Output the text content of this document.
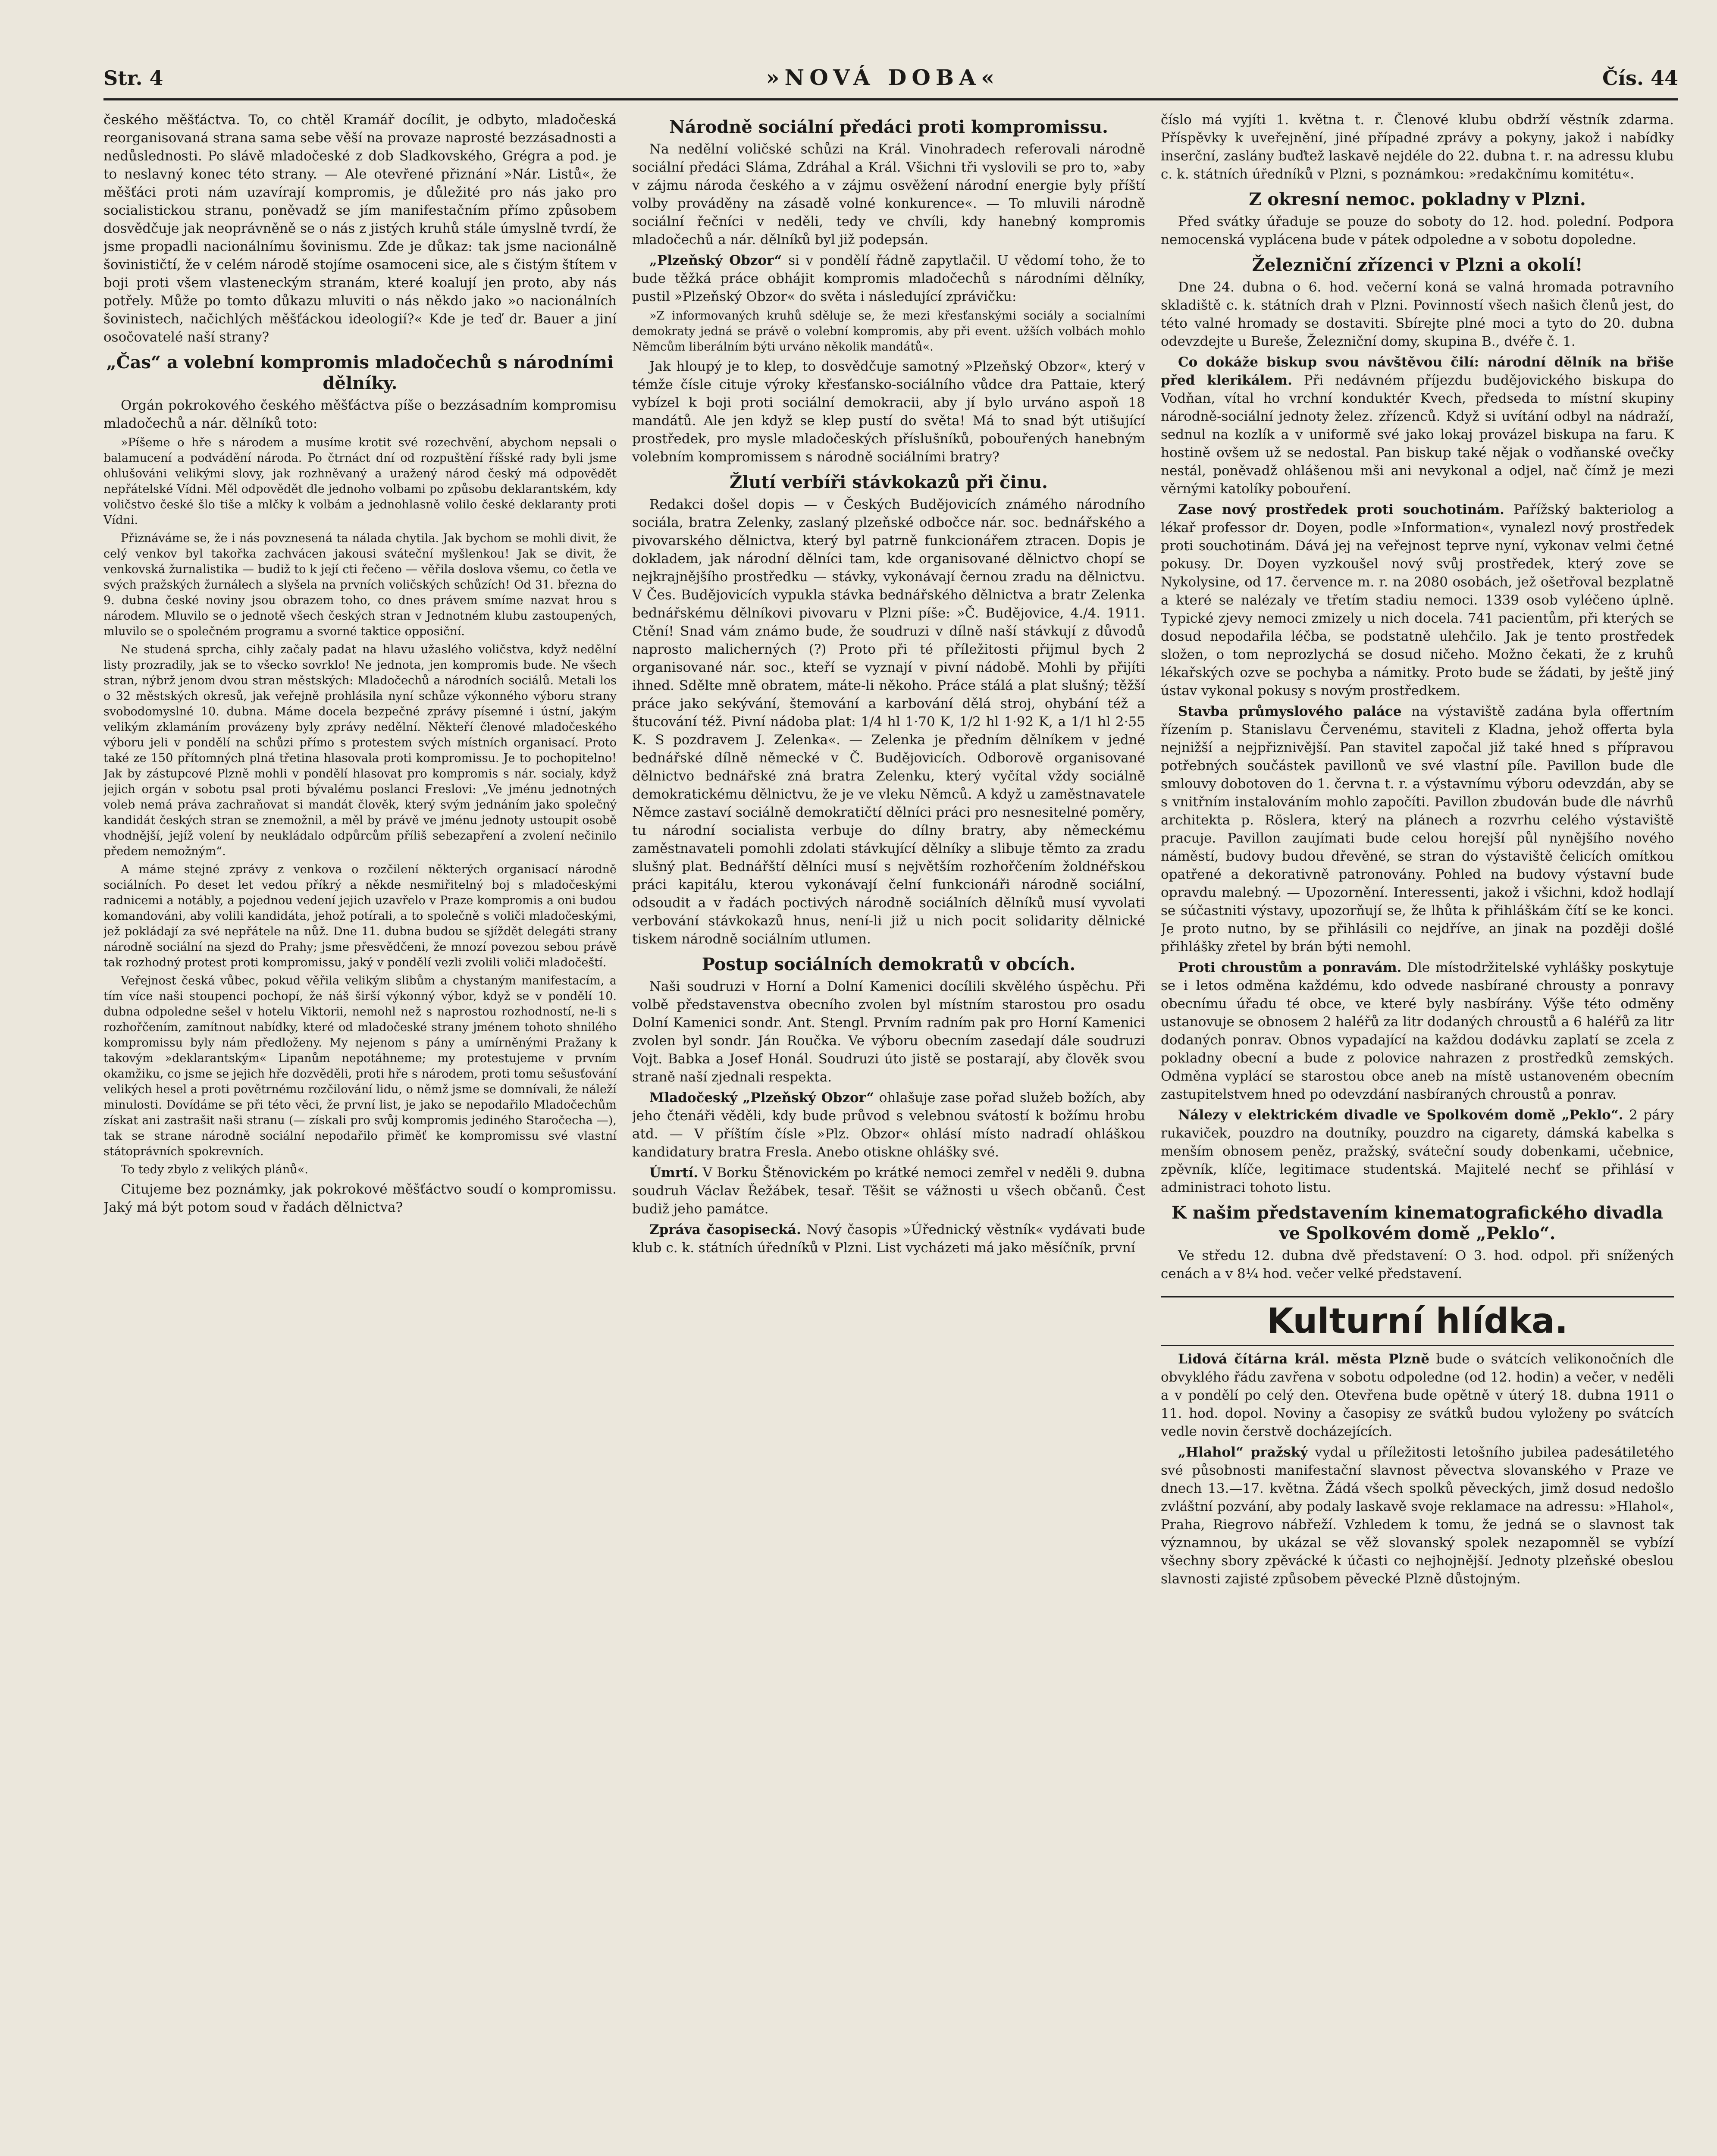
Str. 4	»NOVÁ DOBA«	Čís. 44

českého měšťáctva. To, co chtěl Kramář docílit, je odbyto, mladočeská reorganisovaná strana sama sebe věší na provaze naprosté bezzásadnosti a nedůslednosti. Po slávě mladočeské z dob Sladkovského, Grégra a pod. je to neslavný konec této strany. — Ale otevřené přiznání »Nár. Listů«, že měšťáci proti nám uzavírají kompromis, je důležité pro nás jako pro socialistickou stranu, poněvadž se jím manifestačním přímo způsobem dosvědčuje jak neoprávněně se o nás z jistých kruhů stále úmyslně tvrdí, že jsme propadli nacionálnímu šovinismu. Zde je důkaz: tak jsme nacionálně šovinističtí, že v celém národě stojíme osamoceni sice, ale s čistým štítem v boji proti všem vlasteneckým stranám, které koalují jen proto, aby nás potřely. Může po tomto důkazu mluviti o nás někdo jako »o nacionálních šovinistech, načichlých měšťáckou ideologií?« Kde je teď dr. Bauer a jiní osočovatelé naší strany?

„Čas“ a volební kompromis mladočechů s národními dělníky.

Orgán pokrokového českého měšťáctva píše o bezzásadním kompromisu mladočechů a nár. dělníků toto:

»Píšeme o hře s národem a musíme krotit své rozechvění, abychom nepsali o balamucení a podvádění národa. Po čtrnáct dní od rozpuštění říšské rady byli jsme ohlušováni velikými slovy, jak rozhněvaný a uražený národ český má odpovědět nepřátelské Vídni. Měl odpovědět dle jednoho volbami po způsobu deklarantském, kdy voličstvo české šlo tiše a mlčky k volbám a jednohlasně volilo české deklaranty proti Vídni.

Přiznáváme se, že i nás povznesená ta nálada chytila. Jak bychom se mohli divit, že celý venkov byl takořka zachvácen jakousi sváteční myšlenkou! Jak se divit, že venkovská žurnalistika — budiž to k její cti řečeno — věřila doslova všemu, co četla ve svých pražských žurnálech a slyšela na prvních voličských schůzích! Od 31. března do 9. dubna české noviny jsou obrazem toho, co dnes právem smíme nazvat hrou s národem. Mluvilo se o jednotě všech českých stran v Jednotném klubu zastoupených, mluvilo se o společném programu a svorné taktice opposiční.

Ne studená sprcha, cihly začaly padat na hlavu užaslého voličstva, když nedělní listy prozradily, jak se to všecko sovrklo! Ne jednota, jen kompromis bude. Ne všech stran, nýbrž jenom dvou stran městských: Mladočechů a národních sociálů. Metali los o 32 městských okresů, jak veřejně prohlásila nyní schůze výkonného výboru strany svobodomyslné 10. dubna. Máme docela bezpečné zprávy písemné i ústní, jakým velikým zklamáním provázeny byly zprávy nedělní. Někteří členové mladočeského výboru jeli v pondělí na schůzi přímo s protestem svých místních organisací. Proto také ze 150 přítomných plná třetina hlasovala proti kompromissu. Je to pochopitelno! Jak by zástupcové Plzně mohli v pondělí hlasovat pro kompromis s nár. socialy, když jejich orgán v sobotu psal proti bývalému poslanci Freslovi: „Ve jménu jednotných voleb nemá práva zachraňovat si mandát člověk, který svým jednáním jako společný kandidát českých stran se znemožnil, a měl by právě ve jménu jednoty ustoupit osobě vhodnější, jejíž volení by neukládalo odpůrcům příliš sebezapření a zvolení nečinilo předem nemožným“.

A máme stejné zprávy z venkova o rozčilení některých organisací národně sociálních. Po deset let vedou příkrý a někde nesmiřitelný boj s mladočeskými radnicemi a notábly, a pojednou vedení jejich uzavřelo v Praze kompromis a oni budou komandováni, aby volili kandidáta, jehož potírali, a to společně s voliči mladočeskými, jež pokládají za své nepřátele na nůž. Dne 11. dubna budou se sjíždět delegáti strany národně sociální na sjezd do Prahy; jsme přesvědčeni, že mnozí povezou sebou právě tak rozhodný protest proti kompromissu, jaký v pondělí vezli zvolili voliči mladočeští.

Veřejnost česká vůbec, pokud věřila velikým slibům a chystaným manifestacím, a tím více naši stoupenci pochopí, že náš širší výkonný výbor, když se v pondělí 10. dubna odpoledne sešel v hotelu Viktorii, nemohl než s naprostou rozhodností, ne-li s rozhořčením, zamítnout nabídky, které od mladočeské strany jménem tohoto shnilého kompromissu byly nám předloženy. My nejenom s pány a umírněnými Pražany k takovým »deklarantským« Lipanům nepotáhneme; my protestujeme v prvním okamžiku, co jsme se jejich hře dozvěděli, proti hře s národem, proti tomu sešusťování velikých hesel a proti povětrnému rozčilování lidu, o němž jsme se domnívali, že náleží minulosti. Dovídáme se při této věci, že první list, je jako se nepodařilo Mladočechům získat ani zastrašit naši stranu (— získali pro svůj kompromis jediného Staročecha —), tak se strane národně sociální nepodařilo přiměť ke kompromissu své vlastní státoprávních spokrevních.

To tedy zbylo z velikých plánů«.

Citujeme bez poznámky, jak pokrokové měšťáctvo soudí o kompromissu. Jaký má být potom soud v řadách dělnictva?

Národně sociální předáci proti kompromissu.

Na nedělní voličské schůzi na Král. Vinohradech referovali národně sociální předáci Sláma, Zdráhal a Král. Všichni tři vyslovili se pro to, »aby v zájmu národa českého a v zájmu osvěžení národní energie byly příští volby prováděny na zásadě volné konkurence«. — To mluvili národně sociální řečníci v neděli, tedy ve chvíli, kdy hanebný kompromis mladočechů a nár. dělníků byl již podepsán.

„Plzeňský Obzor“ si v pondělí řádně zapytlačil. U vědomí toho, že to bude těžká práce obhájit kompromis mladočechů s národními dělníky, pustil »Plzeňský Obzor« do světa i následující zprávičku:

»Z informovaných kruhů sděluje se, že mezi křesťanskými sociály a socialními demokraty jedná se právě o volební kompromis, aby při event. užších volbách mohlo Němcům liberálním býti urváno několik mandátů«.

Jak hloupý je to klep, to dosvědčuje samotný »Plzeňský Obzor«, který v témže čísle cituje výroky křesťansko-sociálního vůdce dra Pattaie, který vybízel k boji proti sociální demokracii, aby jí bylo urváno aspoň 18 mandátů. Ale jen když se klep pustí do světa! Má to snad být utišující prostředek, pro mysle mladočeských příslušníků, pobouřených hanebným volebním kompromissem s národně sociálními bratry?

Žlutí verbíři stávkokazů při činu.

Redakci došel dopis — v Českých Budějovicích známého národního sociála, bratra Zelenky, zaslaný plzeňské odbočce nár. soc. bednářského a pivovarského dělnictva, který byl patrně funkcionářem ztracen. Dopis je dokladem, jak národní dělníci tam, kde organisované dělnictvo chopí se nejkrajnějšího prostředku — stávky, vykonávají černou zradu na dělnictvu. V Čes. Budějovicích vypukla stávka bednářského dělnictva a bratr Zelenka bednářskému dělníkovi pivovaru v Plzni píše: »Č. Budějovice, 4./4. 1911. Ctění! Snad vám známo bude, že soudruzi v dílně naší stávkují z důvodů naprosto malicherných (?) Proto při té příležitosti přijmul bych 2 organisované nár. soc., kteří se vyznají v pivní nádobě. Mohli by přijíti ihned. Sdělte mně obratem, máte-li někoho. Práce stálá a plat slušný; těžší práce jako sekývání, štemování a karbování dělá stroj, ohybání též a štucování též. Pivní nádoba plat: 1/4 hl 1·70 K, 1/2 hl 1·92 K, a 1/1 hl 2·55 K. S pozdravem J. Zelenka«. — Zelenka je předním dělníkem v jedné bednářské dílně německé v Č. Budějovicích. Odborově organisované dělnictvo bednářské zná bratra Zelenku, který vyčítal vždy sociálně demokratickému dělnictvu, že je ve vleku Němců. A když u zaměstnavatele Němce zastaví sociálně demokratičtí dělníci práci pro nesnesitelné poměry, tu národní socialista verbuje do dílny bratry, aby německému zaměstnavateli pomohli zdolati stávkující dělníky a slibuje těmto za zradu slušný plat. Bednářští dělníci musí s největším rozhořčením žoldnéřskou práci kapitálu, kterou vykonávají čelní funkcionáři národně sociální, odsoudit a v řadách poctivých národně sociálních dělníků musí vyvolati verbování stávkokazů hnus, není-li již u nich pocit solidarity dělnické tiskem národně sociálním utlumen.

Postup sociálních demokratů v obcích.

Naši soudruzi v Horní a Dolní Kamenici docílili skvělého úspěchu. Při volbě představenstva obecního zvolen byl místním starostou pro osadu Dolní Kamenici sondr. Ant. Stengl. Prvním radním pak pro Horní Kamenici zvolen byl sondr. Ján Roučka. Ve výboru obecním zasedají dále soudruzi Vojt. Babka a Josef Honál. Soudruzi úto jistě se postarají, aby člověk svou straně naší zjednali respekta.

Mladočeský „Plzeňský Obzor“ ohlašuje zase pořad služeb božích, aby jeho čtenáři věděli, kdy bude průvod s velebnou svátostí k božímu hrobu atd. — V příštím čísle »Plz. Obzor« ohlásí místo nadradí ohláškou kandidatury bratra Fresla. Anebo otiskne ohlášky své.

Úmrtí. V Borku Štěnovickém po krátké nemoci zemřel v neděli 9. dubna soudruh Václav Řežábek, tesař. Těšit se vážnosti u všech občanů. Čest budiž jeho památce.

Zpráva časopisecká. Nový časopis »Úřednický věstník« vydávati bude klub c. k. státních úředníků v Plzni. List vycházeti má jako měsíčník, první

číslo má vyjíti 1. května t. r. Členové klubu obdrží věstník zdarma. Příspěvky k uveřejnění, jiné případné zprávy a pokyny, jakož i nabídky inserční, zaslány buďtež laskavě nejdéle do 22. dubna t. r. na adressu klubu c. k. státních úředníků v Plzni, s poznámkou: »redakčnímu komitétu«.

Z okresní nemoc. pokladny v Plzni.

Před svátky úřaduje se pouze do soboty do 12. hod. polední. Podpora nemocenská vyplácena bude v pátek odpoledne a v sobotu dopoledne.

Železniční zřízenci v Plzni a okolí!

Dne 24. dubna o 6. hod. večerní koná se valná hromada potravního skladiště c. k. státních drah v Plzni. Povinností všech našich členů jest, do této valné hromady se dostaviti. Sbírejte plné moci a tyto do 20. dubna odevzdejte u Bureše, Železniční domy, skupina B., dvéře č. 1.

Co dokáže biskup svou návštěvou čilí: národní dělník na břiše před klerikálem. Při nedávném příjezdu budějovického biskupa do Vodňan, vítal ho vrchní konduktér Kvech, předseda to místní skupiny národně-sociální jednoty želez. zřízenců. Když si uvítání odbyl na nádraží, sednul na kozlík a v uniformě své jako lokaj provázel biskupa na faru. K hostině ovšem už se nedostal. Pan biskup také nějak o vodňanské ovečky nestál, poněvadž ohlášenou mši ani nevykonal a odjel, nač čímž je mezi věrnými katolíky pobouření.

Zase nový prostředek proti souchotinám. Pařížský bakteriolog a lékař professor dr. Doyen, podle »Information«, vynalezl nový prostředek proti souchotinám. Dává jej na veřejnost teprve nyní, vykonav velmi četné pokusy. Dr. Doyen vyzkoušel nový svůj prostředek, který zove se Nykolysine, od 17. července m. r. na 2080 osobách, jež ošetřoval bezplatně a které se nalézaly ve třetím stadiu nemoci. 1339 osob vyléčeno úplně. Typické zjevy nemoci zmizely u nich docela. 741 pacientům, při kterých se dosud nepodařila léčba, se podstatně ulehčilo. Jak je tento prostředek složen, o tom neprozlychá se dosud ničeho. Možno čekati, že z kruhů lékařských ozve se pochyba a námitky. Proto bude se žádati, by ještě jiný ústav vykonal pokusy s novým prostředkem.

Stavba průmyslového paláce na výstaviště zadána byla offertním řízením p. Stanislavu Červenému, staviteli z Kladna, jehož offerta byla nejnižší a nejpřiznivější. Pan stavitel započal již také hned s přípravou potřebných součástek pavillonů ve své vlastní píle. Pavillon bude dle smlouvy dobotoven do 1. června t. r. a výstavnímu výboru odevzdán, aby se s vnitřním instalováním mohlo započíti. Pavillon zbudován bude dle návrhů architekta p. Röslera, který na plánech a rozvrhu celého výstaviště pracuje. Pavillon zaujímati bude celou horejší půl nynějšího nového náměstí, budovy budou dřevěné, se stran do výstaviště čelicích omítkou opatřené a dekorativně patronovány. Pohled na budovy výstavní bude opravdu malebný. — Upozornění. Interessenti, jakož i všichni, kdož hodlají se súčastniti výstavy, upozorňují se, že lhůta k přihláškám čítí se ke konci. Je proto nutno, by se přihlásili co nejdříve, an jinak na později došlé přihlášky zřetel by brán býti nemohl.

Proti chroustům a ponravám. Dle místodržitelské vyhlášky poskytuje se i letos odměna každému, kdo odvede nasbírané chrousty a ponravy obecnímu úřadu té obce, ve které byly nasbírány. Výše této odměny ustanovuje se obnosem 2 haléřů za litr dodaných chroustů a 6 haléřů za litr dodaných ponrav. Obnos vypadající na každou dodávku zaplatí se zcela z pokladny obecní a bude z polovice nahrazen z prostředků zemských. Odměna vyplácí se starostou obce aneb na místě ustanoveném obecním zastupitelstvem hned po odevzdání nasbíraných chroustů a ponrav.

Nálezy v elektrickém divadle ve Spolkovém domě „Peklo“. 2 páry rukaviček, pouzdro na doutníky, pouzdro na cigarety, dámská kabelka s menším obnosem peněz, pražský, sváteční soudy dobenkami, učebnice, zpěvník, klíče, legitimace studentská. Majitelé nechť se přihlásí v administraci tohoto listu.

K našim představením kinematografického divadla ve Spolkovém domě „Peklo“.

Ve středu 12. dubna dvě představení: O 3. hod. odpol. při snížených cenách a v 8¼ hod. večer velké představení.

Kulturní hlídka.

Lidová čítárna král. města Plzně bude o svátcích velikonočních dle obvyklého řádu zavřena v sobotu odpoledne (od 12. hodin) a večer, v neděli a v pondělí po celý den. Otevřena bude opětně v úterý 18. dubna 1911 o 11. hod. dopol. Noviny a časopisy ze svátků budou vyloženy po svátcích vedle novin čerstvě docházejících.

„Hlahol“ pražský vydal u příležitosti letošního jubilea padesátiletého své působnosti manifestační slavnost pěvectva slovanského v Praze ve dnech 13.—17. května. Žádá všech spolků pěveckých, jimž dosud nedošlo zvláštní pozvání, aby podaly laskavě svoje reklamace na adressu: »Hlahol«, Praha, Riegrovo nábřeží. Vzhledem k tomu, že jedná se o slavnost tak významnou, by ukázal se věž slovanský spolek nezapomněl se vybízí všechny sbory zpěvácké k účasti co nejhojnější. Jednoty plzeňské obeslou slavnosti zajisté způsobem pěvecké Plzně důstojným.
